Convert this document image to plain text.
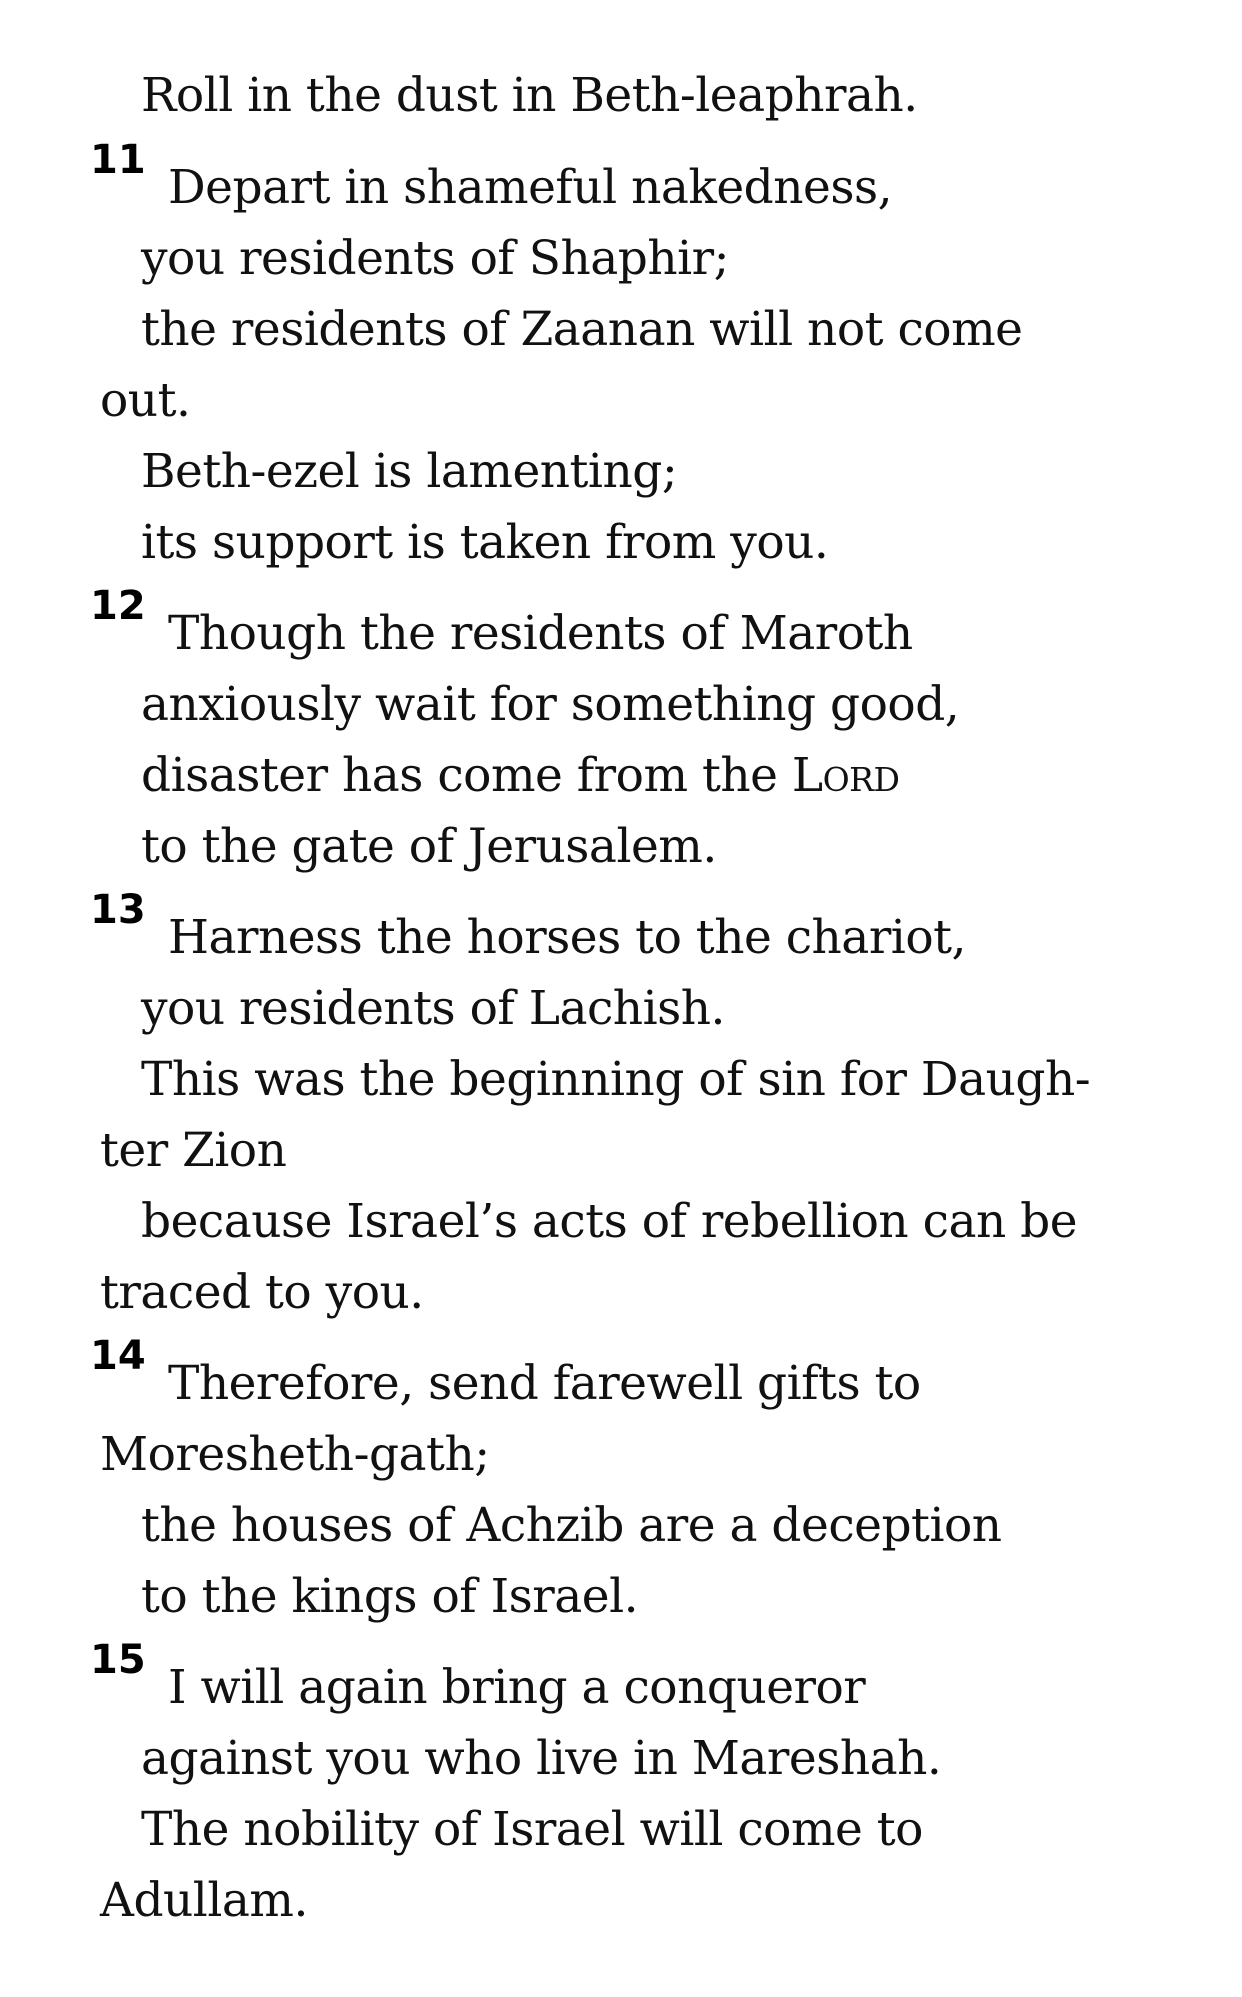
Roll in the dust in Beth-leaphrah.
11 Depart in shameful nakedness,
you residents of Shaphir;
the residents of Zaanan will not come
out.
Beth-ezel is lamenting;
its support is taken from you.
12 Though the residents of Maroth
anxiously wait for something good,
disaster has come from the Lord
to the gate of Jerusalem.
13 Harness the horses to the chariot,
you residents of Lachish.
This was the beginning of sin for Daugh-
ter Zion
because Israel’s acts of rebellion can be
traced to you.
14 Therefore, send farewell gifts to
Moresheth-gath;
the houses of Achzib are a deception
to the kings of Israel.
15 I will again bring a conqueror
against you who live in Mareshah.
The nobility of Israel will come to
Adullam.
